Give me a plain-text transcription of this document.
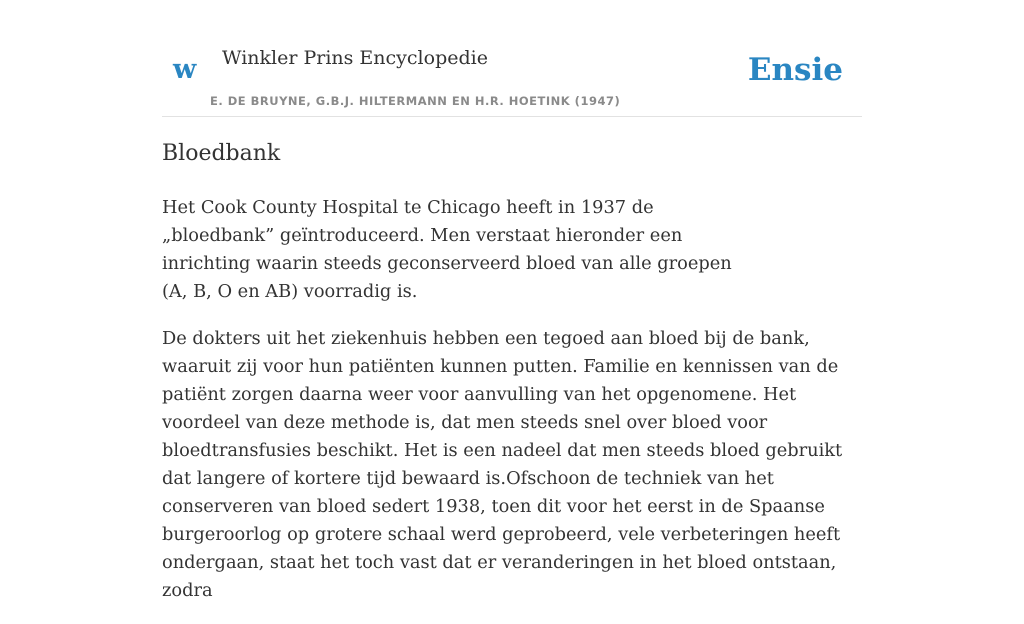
w Winkler Prins Encyclopedie
E. DE BRUYNE, G.B.J. HILTERMANN EN H.R. HOETINK (1947)
Ensie
Bloedbank

Het Cook County Hospital te Chicago heeft in 1937 de „bloedbank” geïntroduceerd. Men verstaat hieronder een inrichting waarin steeds geconserveerd bloed van alle groepen (A, B, O en AB) voorradig is.

De dokters uit het ziekenhuis hebben een tegoed aan bloed bij de bank, waaruit zij voor hun patiënten kunnen putten. Familie en kennissen van de patiënt zorgen daarna weer voor aanvulling van het opgenomene. Het voordeel van deze methode is, dat men steeds snel over bloed voor bloedtransfusies beschikt. Het is een nadeel dat men steeds bloed gebruikt dat langere of kortere tijd bewaard is.Ofschoon de techniek van het conserveren van bloed sedert 1938, toen dit voor het eerst in de Spaanse burgeroorlog op grotere schaal werd geprobeerd, vele verbeteringen heeft ondergaan, staat het toch vast dat er veranderingen in het bloed ontstaan, zodra
